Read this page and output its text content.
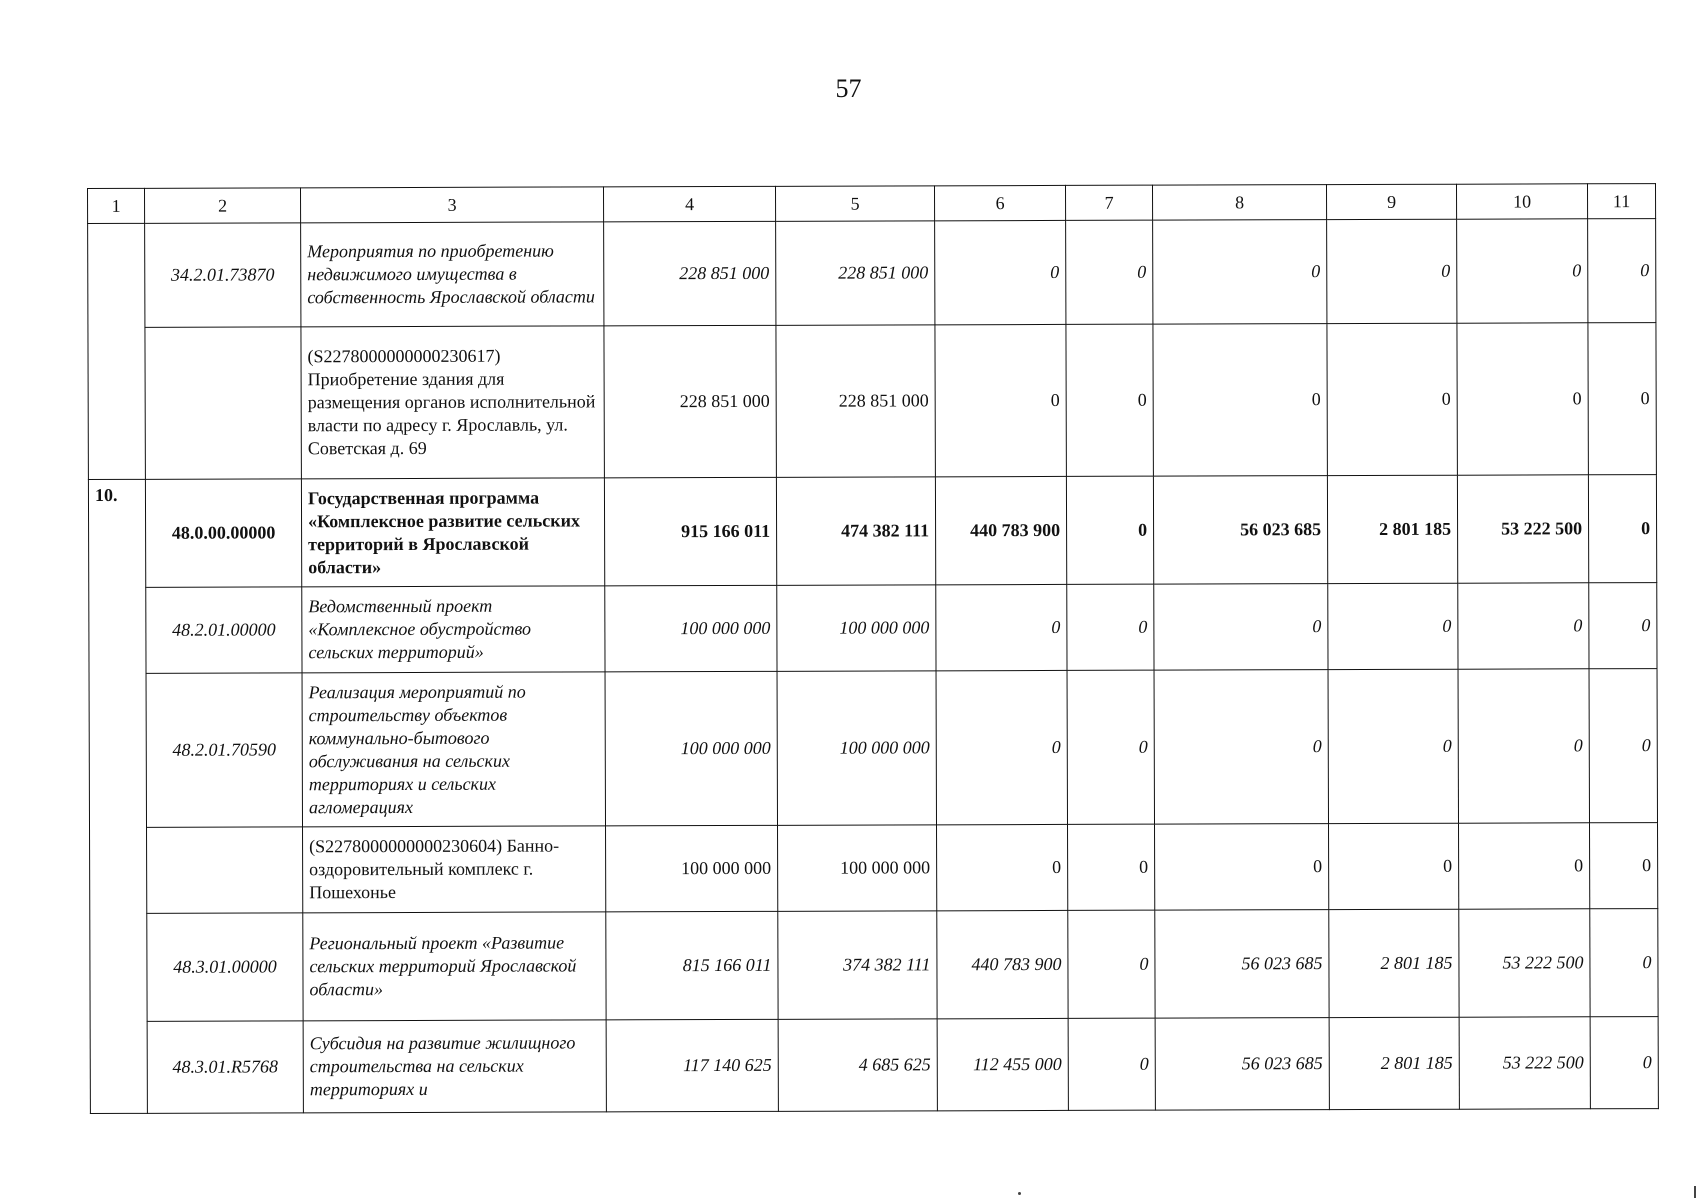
57
1	2	3	4	5	6	7	8	9	10	11
	34.2.01.73870	Мероприятия по приобретению недвижимого имущества в собственность Ярославской области	228 851 000	228 851 000	0	0	0	0	0	0
		(S2278000000000230617) Приобретение здания для размещения органов исполнительной власти по адресу г. Ярославль, ул. Советская д. 69	228 851 000	228 851 000	0	0	0	0	0	0
10.	48.0.00.00000	Государственная программа «Комплексное развитие сельских территорий в Ярославской области»	915 166 011	474 382 111	440 783 900	0	56 023 685	2 801 185	53 222 500	0
	48.2.01.00000	Ведомственный проект «Комплексное обустройство сельских территорий»	100 000 000	100 000 000	0	0	0	0	0	0
	48.2.01.70590	Реализация мероприятий по строительству объектов коммунально-бытового обслуживания на сельских территориях и сельских агломерациях	100 000 000	100 000 000	0	0	0	0	0	0
		(S2278000000000230604) Банно-оздоровительный комплекс г. Пошехонье	100 000 000	100 000 000	0	0	0	0	0	0
	48.3.01.00000	Региональный проект «Развитие сельских территорий Ярославской области»	815 166 011	374 382 111	440 783 900	0	56 023 685	2 801 185	53 222 500	0
	48.3.01.R5768	Субсидия на развитие жилищного строительства на сельских территориях и	117 140 625	4 685 625	112 455 000	0	56 023 685	2 801 185	53 222 500	0
